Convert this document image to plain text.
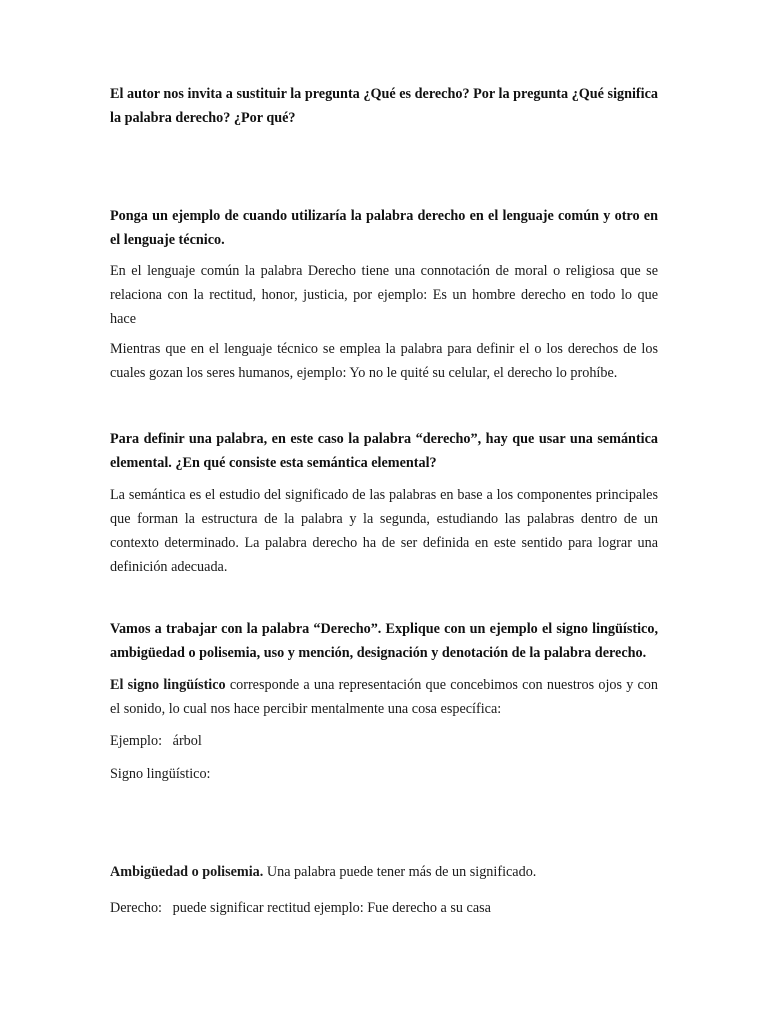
El autor nos invita a sustituir la pregunta ¿Qué es derecho? Por la pregunta ¿Qué significa la palabra derecho? ¿Por qué?
Ponga un ejemplo de cuando utilizaría la palabra derecho en el lenguaje común y otro en el lenguaje técnico.
En el lenguaje común la palabra Derecho tiene una connotación de moral o religiosa que se relaciona con la rectitud, honor, justicia, por ejemplo: Es un hombre derecho en todo lo que hace
Mientras que en el lenguaje técnico se emplea la palabra para definir el o los derechos de los cuales gozan los seres humanos, ejemplo: Yo no le quité su celular, el derecho lo prohíbe.
Para definir una palabra, en este caso la palabra “derecho”, hay que usar una semántica elemental. ¿En qué consiste esta semántica elemental?
La semántica es el estudio del significado de las palabras en base a los componentes principales que forman la estructura de la palabra y la segunda, estudiando las palabras dentro de un contexto determinado. La palabra derecho ha de ser definida en este sentido para lograr una definición adecuada.
Vamos a trabajar con la palabra “Derecho”. Explique con un ejemplo el signo lingüístico, ambigüedad o polisemia, uso y mención, designación y denotación de la palabra derecho.
El signo lingüístico corresponde a una representación que concebimos con nuestros ojos y con el sonido, lo cual nos hace percibir mentalmente una cosa específica:
Ejemplo:   árbol
Signo lingüístico:
Ambigüedad o polisemia. Una palabra puede tener más de un significado.
Derecho:   puede significar rectitud ejemplo: Fue derecho a su casa
